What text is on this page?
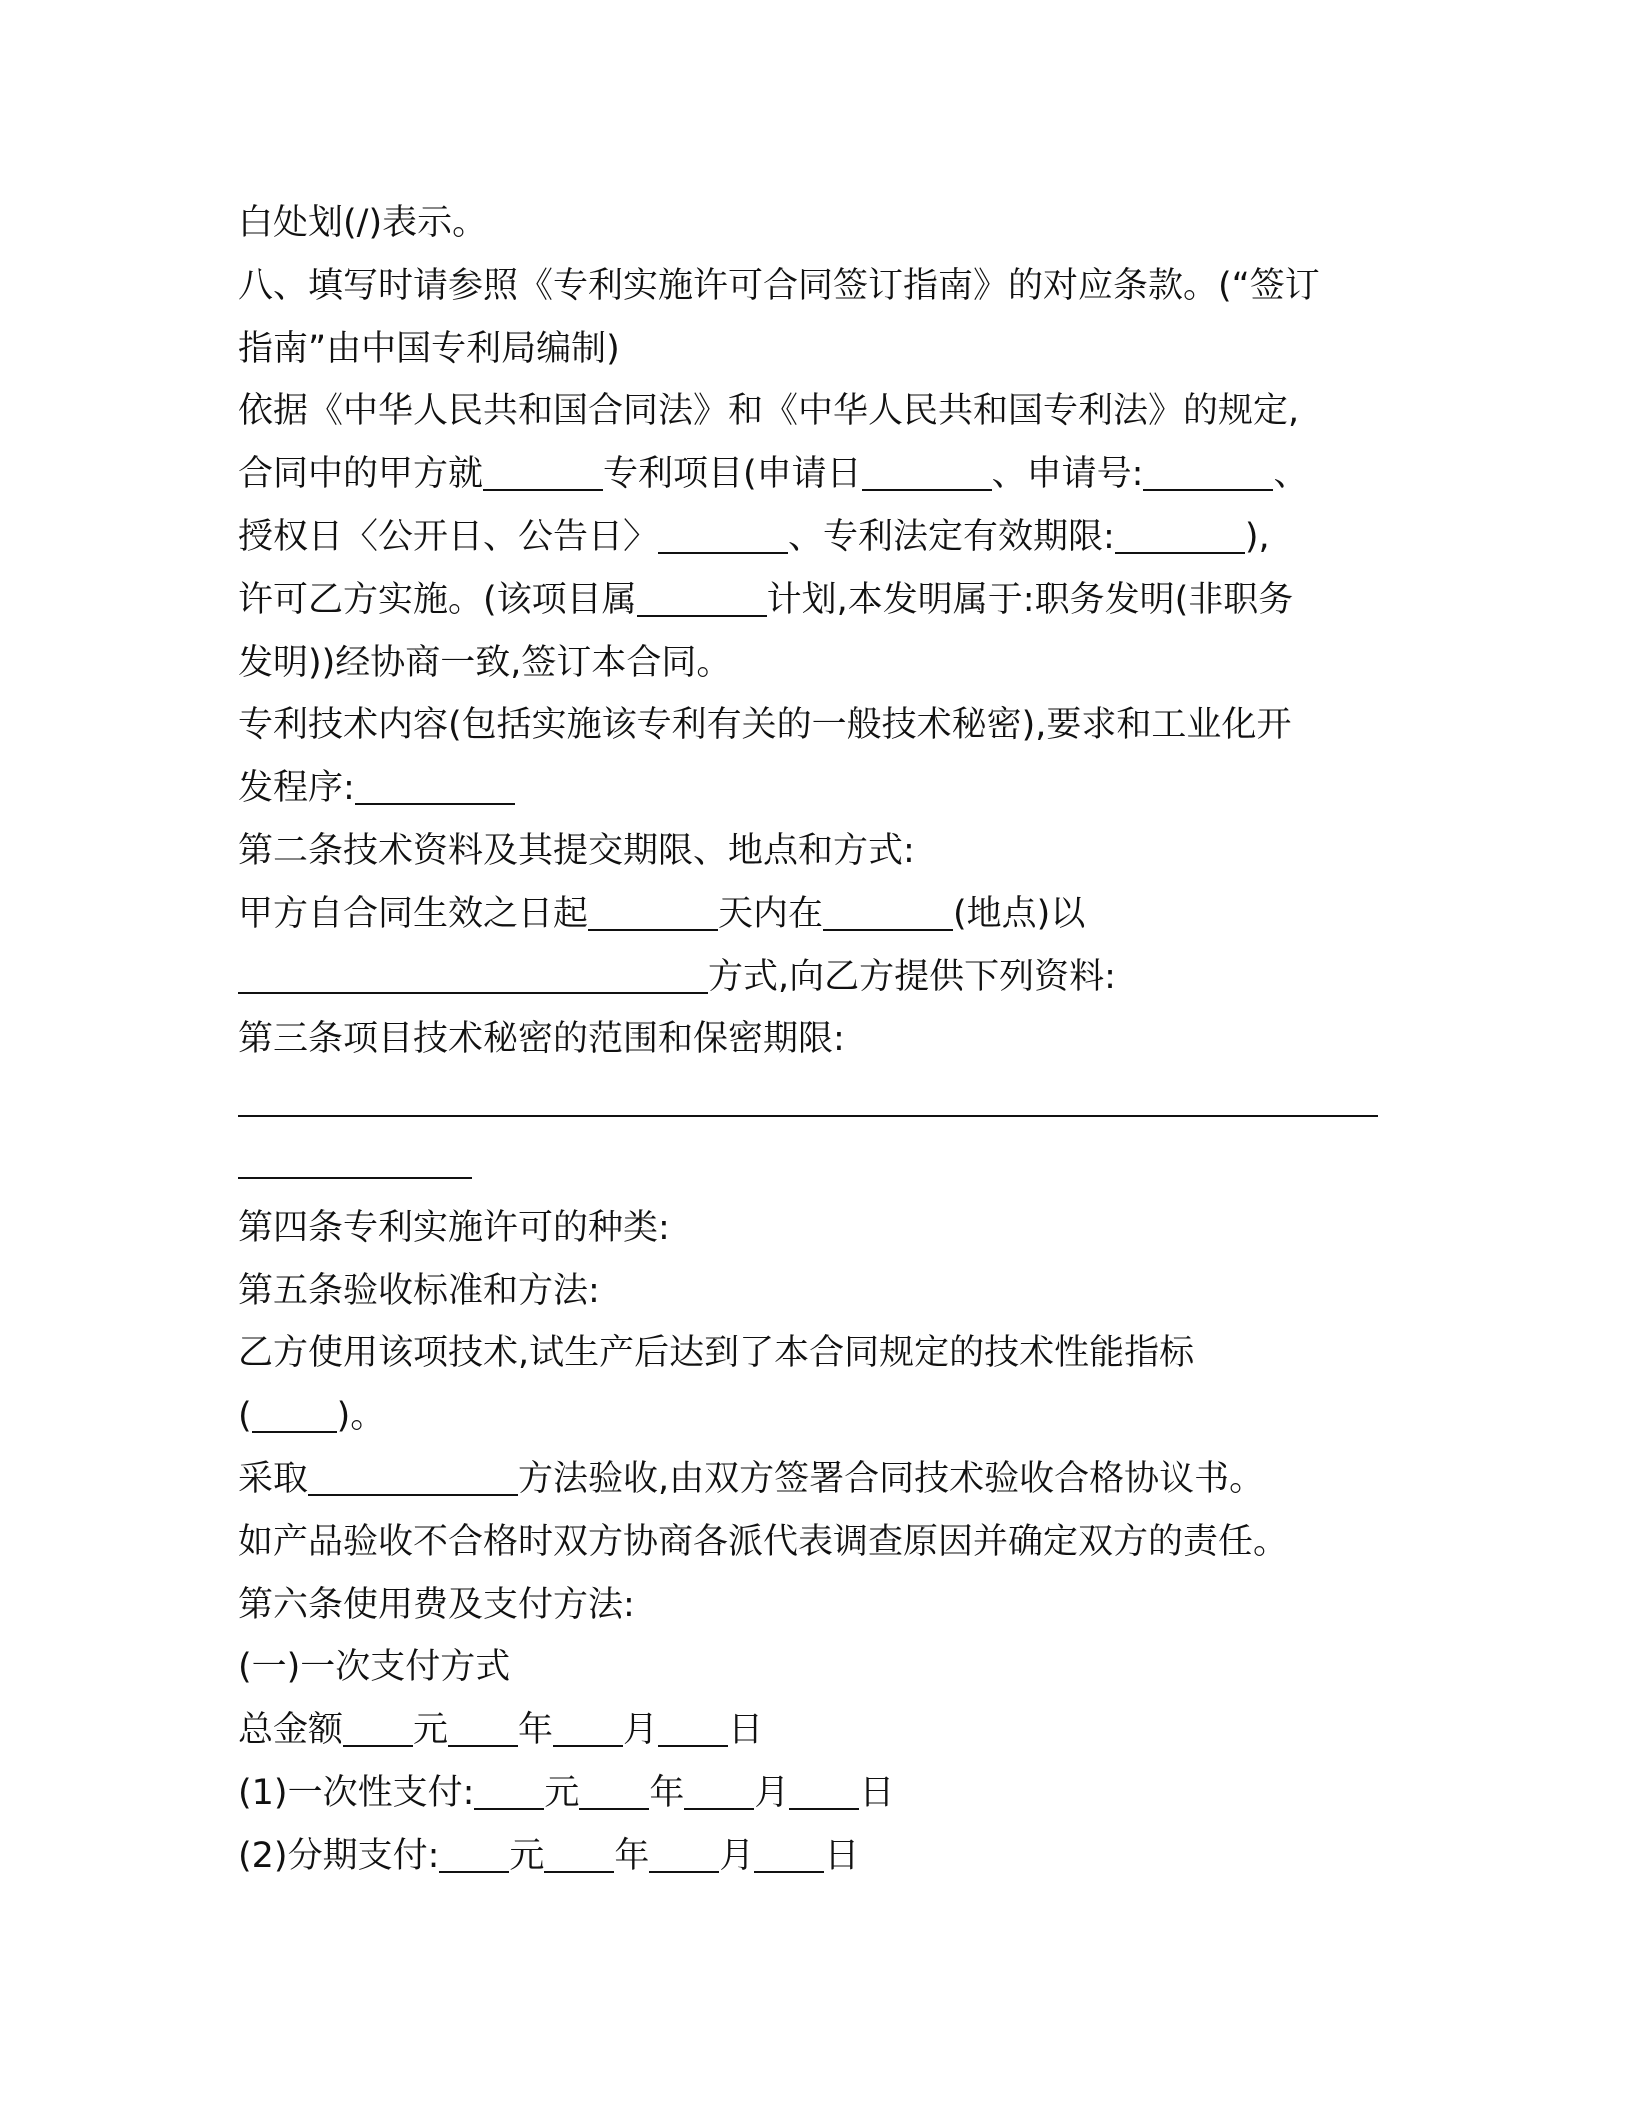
白处划(/)表示。
八、填写时请参照《专利实施许可合同签订指南》的对应条款。(“签订
指南”由中国专利局编制)
依据《中华人民共和国合同法》和《中华人民共和国专利法》的规定,
合同中的甲方就	专利项目(申请日	、申请号:	、
授权日〈公开日、公告日〉	、专利法定有效期限:	),
许可乙方实施。(该项目属	计划,本发明属于:职务发明(非职务
发明))经协商一致,签订本合同。
专利技术内容(包括实施该专利有关的一般技术秘密),要求和工业化开
发程序:
第二条技术资料及其提交期限、地点和方式:
甲方自合同生效之日起	天内在	(地点)以
方式,向乙方提供下列资料:
第三条项目技术秘密的范围和保密期限:
第四条专利实施许可的种类:
第五条验收标准和方法:
乙方使用该项技术,试生产后达到了本合同规定的技术性能指标
( )。
采取	方法验收,由双方签署合同技术验收合格协议书。
如产品验收不合格时双方协商各派代表调查原因并确定双方的责任。
第六条使用费及支付方法:
(一)一次支付方式
总金额 元 年 月 日
(1)一次性支付: 元 年 月 日
(2)分期支付: 元 年 月 日
